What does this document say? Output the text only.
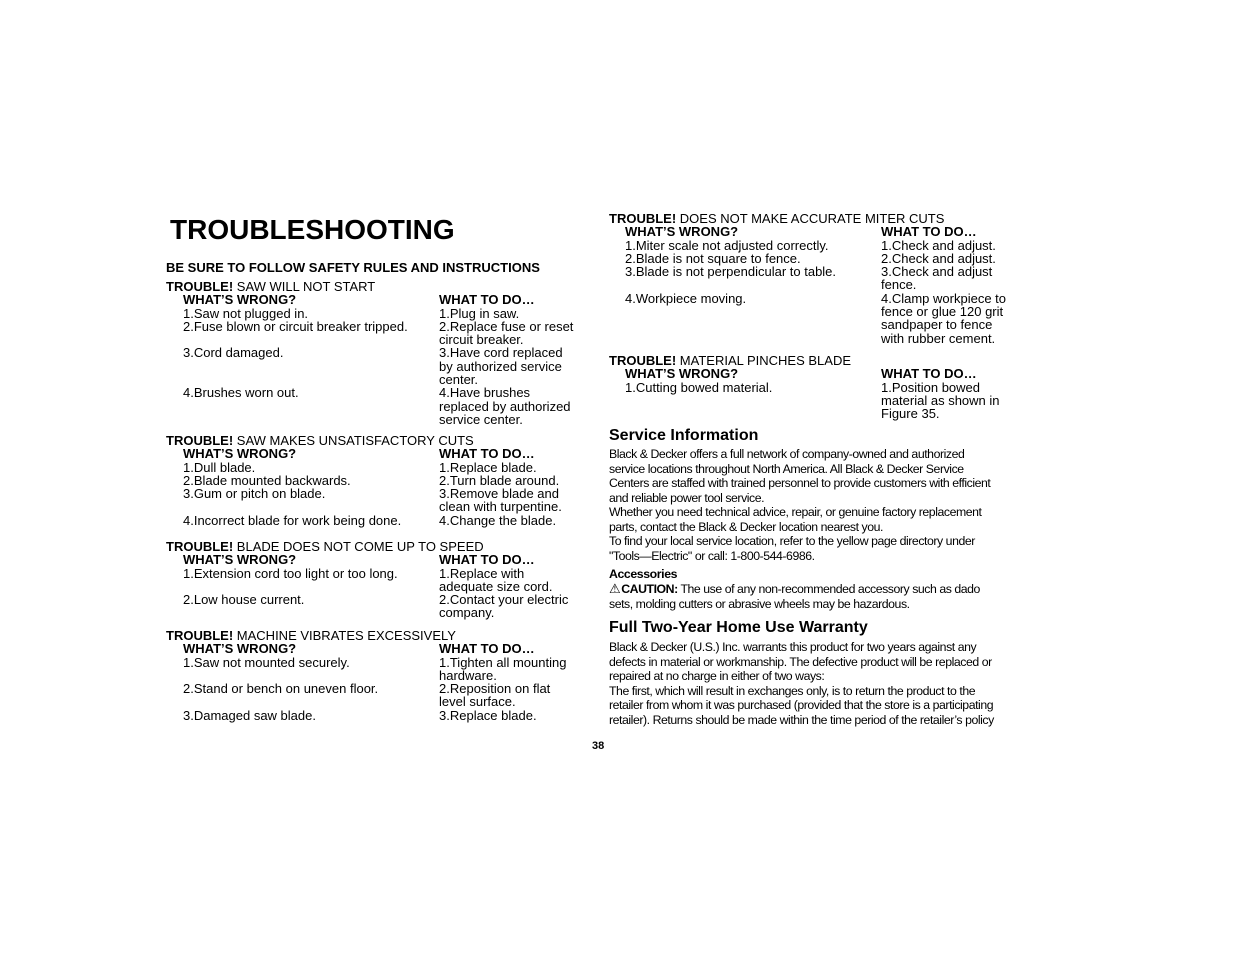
TROUBLESHOOTING
BE SURE TO FOLLOW SAFETY RULES AND INSTRUCTIONS
TROUBLE! SAW WILL NOT START
WHAT’S WRONG?	WHAT TO DO…
1.Saw not plugged in.	1.Plug in saw.
2.Fuse blown or circuit breaker tripped.	2.Replace fuse or reset
circuit breaker.
3.Cord damaged.	3.Have cord replaced
by authorized service
center.
4.Brushes worn out.	4.Have brushes
replaced by authorized
service center.
TROUBLE! SAW MAKES UNSATISFACTORY CUTS
WHAT’S WRONG?	WHAT TO DO…
1.Dull blade.	1.Replace blade.
2.Blade mounted backwards.	2.Turn blade around.
3.Gum or pitch on blade.	3.Remove blade and
clean with turpentine.
4.Incorrect blade for work being done.	4.Change the blade.
TROUBLE! BLADE DOES NOT COME UP TO SPEED
WHAT’S WRONG?	WHAT TO DO…
1.Extension cord too light or too long.	1.Replace with
adequate size cord.
2.Low house current.	2.Contact your electric
company.
TROUBLE! MACHINE VIBRATES EXCESSIVELY
WHAT’S WRONG?	WHAT TO DO…
1.Saw not mounted securely.	1.Tighten all mounting
hardware.
2.Stand or bench on uneven floor.	2.Reposition on flat
level surface.
3.Damaged saw blade.	3.Replace blade.
TROUBLE! DOES NOT MAKE ACCURATE MITER CUTS
WHAT’S WRONG?	WHAT TO DO…
1.Miter scale not adjusted correctly.	1.Check and adjust.
2.Blade is not square to fence.	2.Check and adjust.
3.Blade is not perpendicular to table.	3.Check and adjust
fence.
4.Workpiece moving.	4.Clamp workpiece to
fence or glue 120 grit
sandpaper to fence
with rubber cement.
TROUBLE! MATERIAL PINCHES BLADE
WHAT’S WRONG?	WHAT TO DO…
1.Cutting bowed material.	1.Position bowed
material as shown in
Figure 35.
Service Information
Black & Decker offers a full network of company-owned and authorized
service locations throughout North America. All Black & Decker Service
Centers are staffed with trained personnel to provide customers with efficient
and reliable power tool service.
Whether you need technical advice, repair, or genuine factory replacement
parts, contact the Black & Decker location nearest you.
To find your local service location, refer to the yellow page directory under
"Tools—Electric" or call: 1-800-544-6986.
Accessories
⚠CAUTION: The use of any non-recommended accessory such as dado
sets, molding cutters or abrasive wheels may be hazardous.
Full Two-Year Home Use Warranty
Black & Decker (U.S.) Inc. warrants this product for two years against any
defects in material or workmanship. The defective product will be replaced or
repaired at no charge in either of two ways:
The first, which will result in exchanges only, is to return the product to the
retailer from whom it was purchased (provided that the store is a participating
retailer). Returns should be made within the time period of the retailer’s policy
38
